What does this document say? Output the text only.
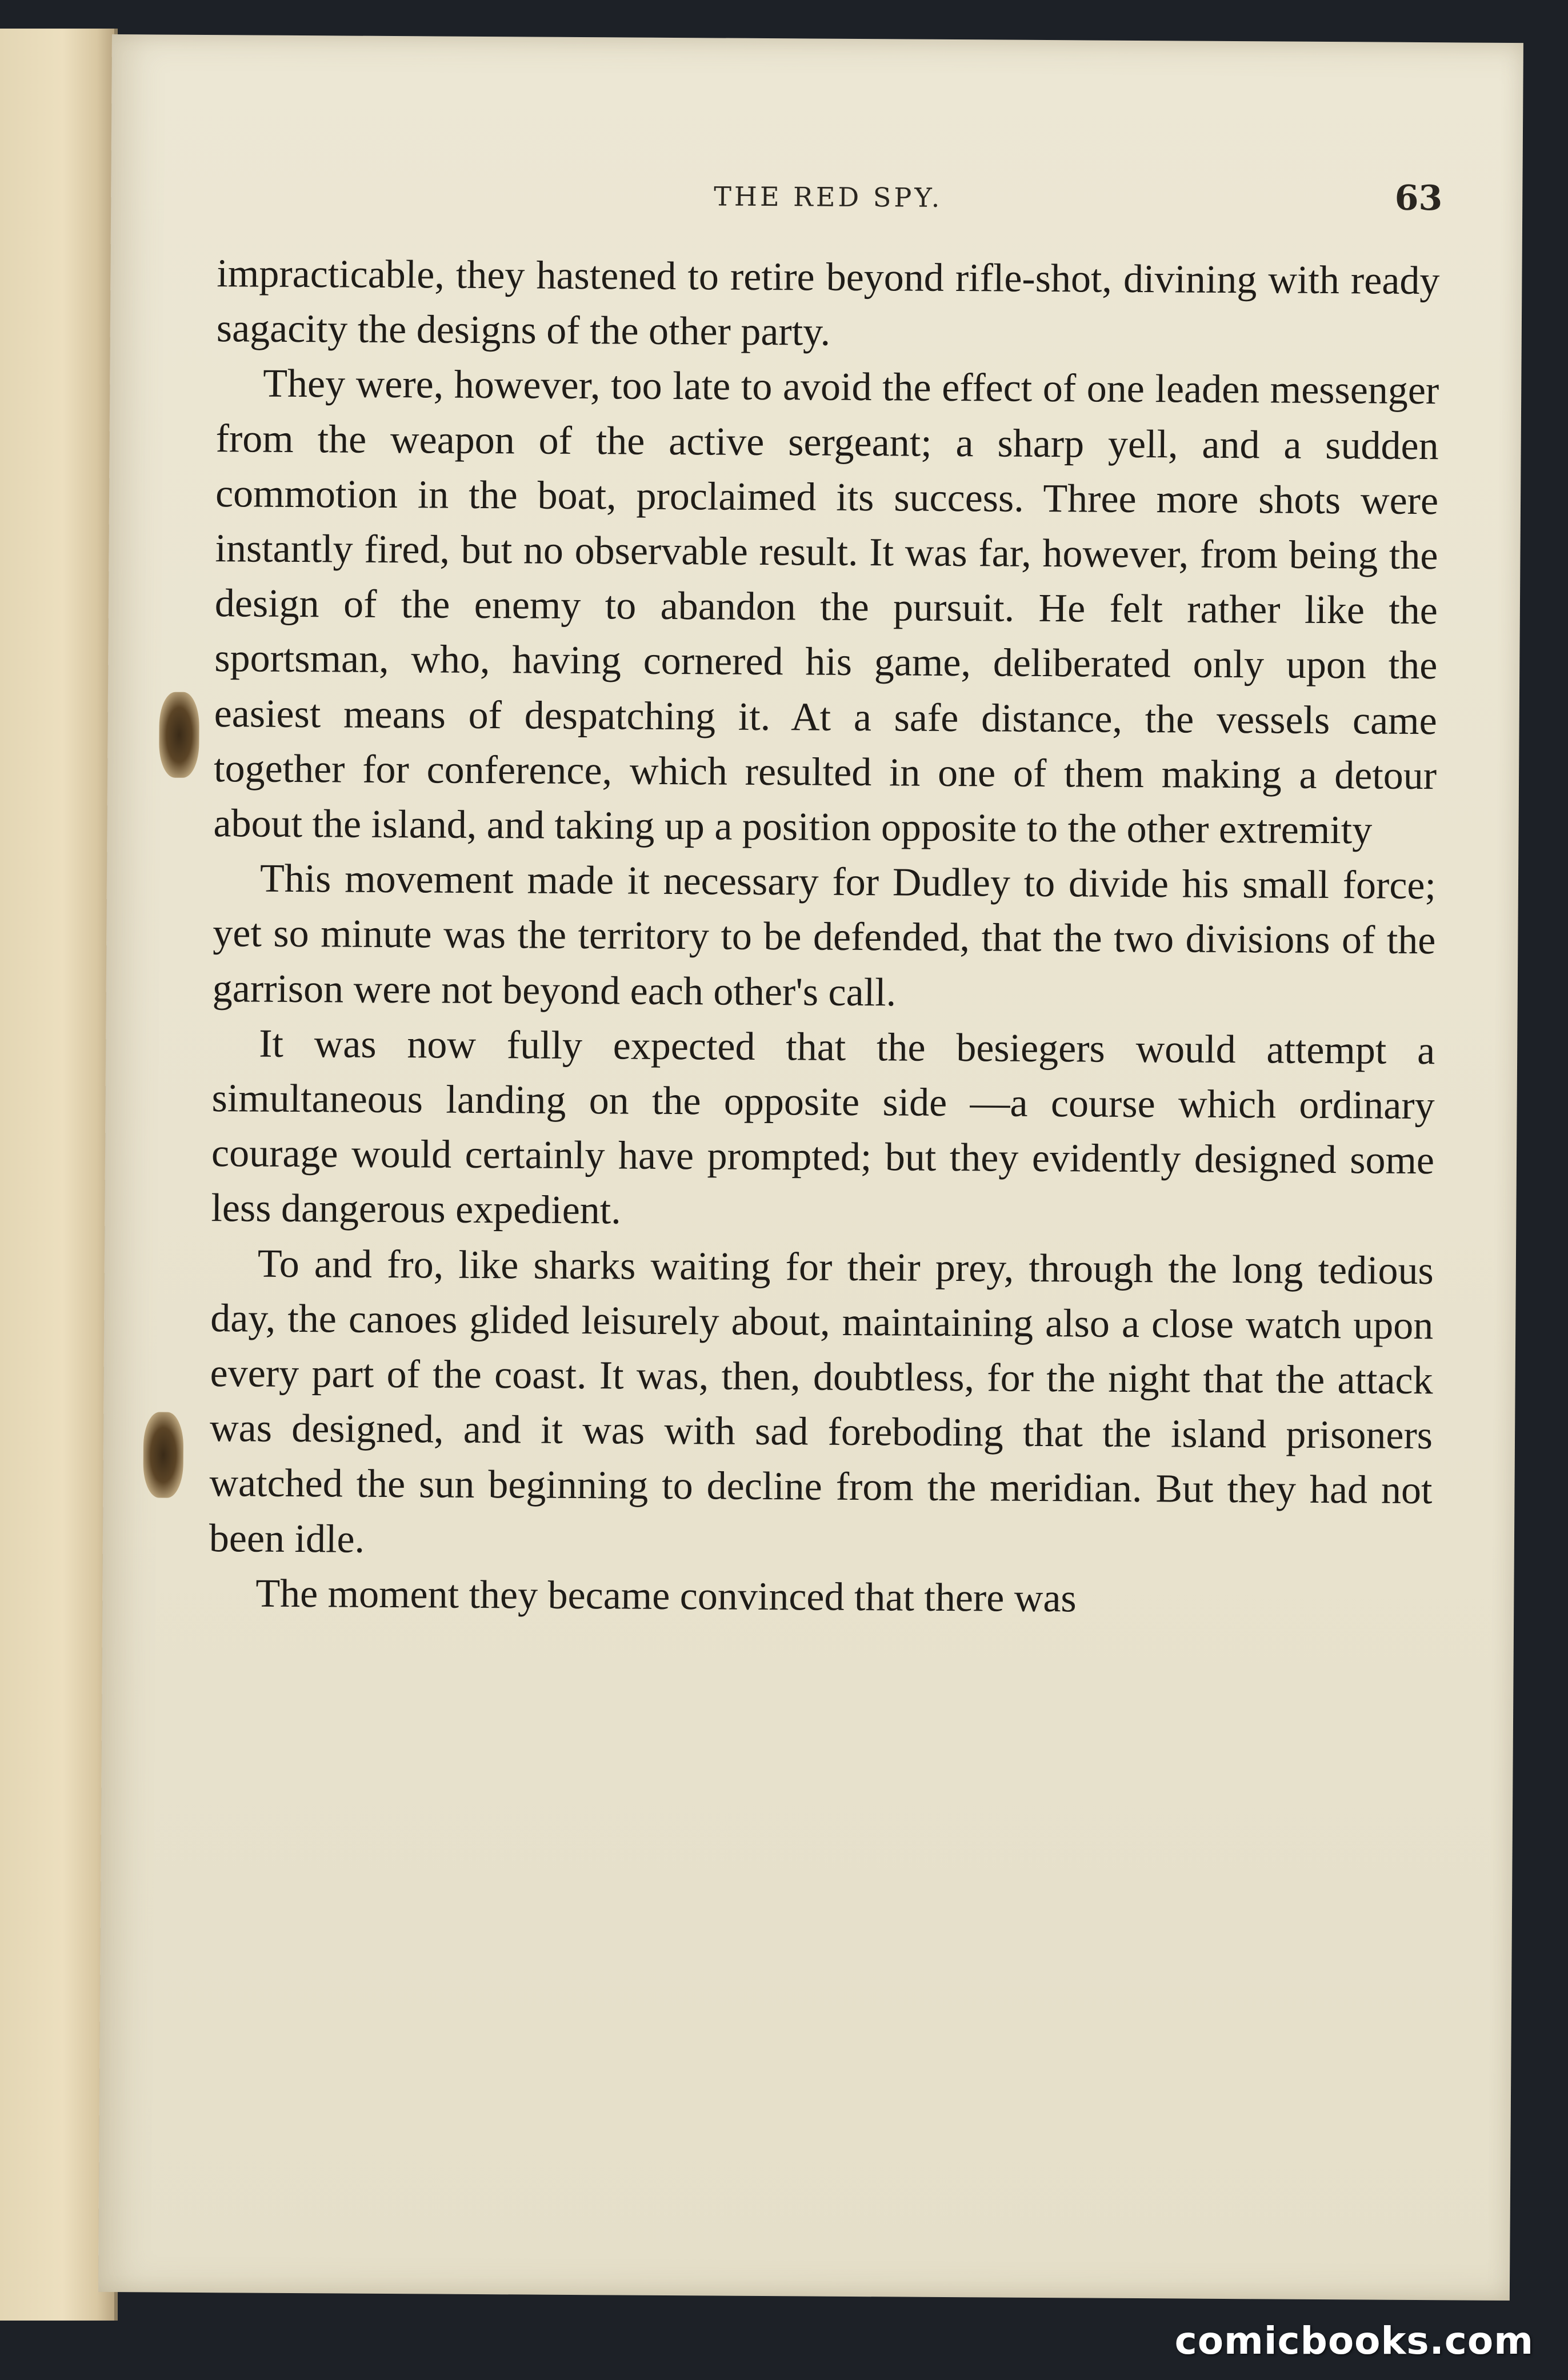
THE RED SPY.	63

impracticable, they hastened to retire beyond rifle-shot, divining with ready sagacity the designs of the other party.

They were, however, too late to avoid the effect of one leaden messenger from the weapon of the active sergeant; a sharp yell, and a sudden commotion in the boat, proclaimed its success. Three more shots were instantly fired, but no observable result. It was far, however, from being the design of the enemy to abandon the pursuit. He felt rather like the sportsman, who, having cornered his game, deliberated only upon the easiest means of despatching it. At a safe distance, the vessels came together for conference, which resulted in one of them making a detour about the island, and taking up a position opposite to the other extremity

This movement made it necessary for Dudley to divide his small force; yet so minute was the territory to be defended, that the two divisions of the garrison were not beyond each other's call.

It was now fully expected that the besiegers would attempt a simultaneous landing on the opposite side —a course which ordinary courage would certainly have prompted; but they evidently designed some less dangerous expedient.

To and fro, like sharks waiting for their prey, through the long tedious day, the canoes glided leisurely about, maintaining also a close watch upon every part of the coast. It was, then, doubtless, for the night that the attack was designed, and it was with sad foreboding that the island prisoners watched the sun beginning to decline from the meridian. But they had not been idle.

The moment they became convinced that there was

comicbooks.com
